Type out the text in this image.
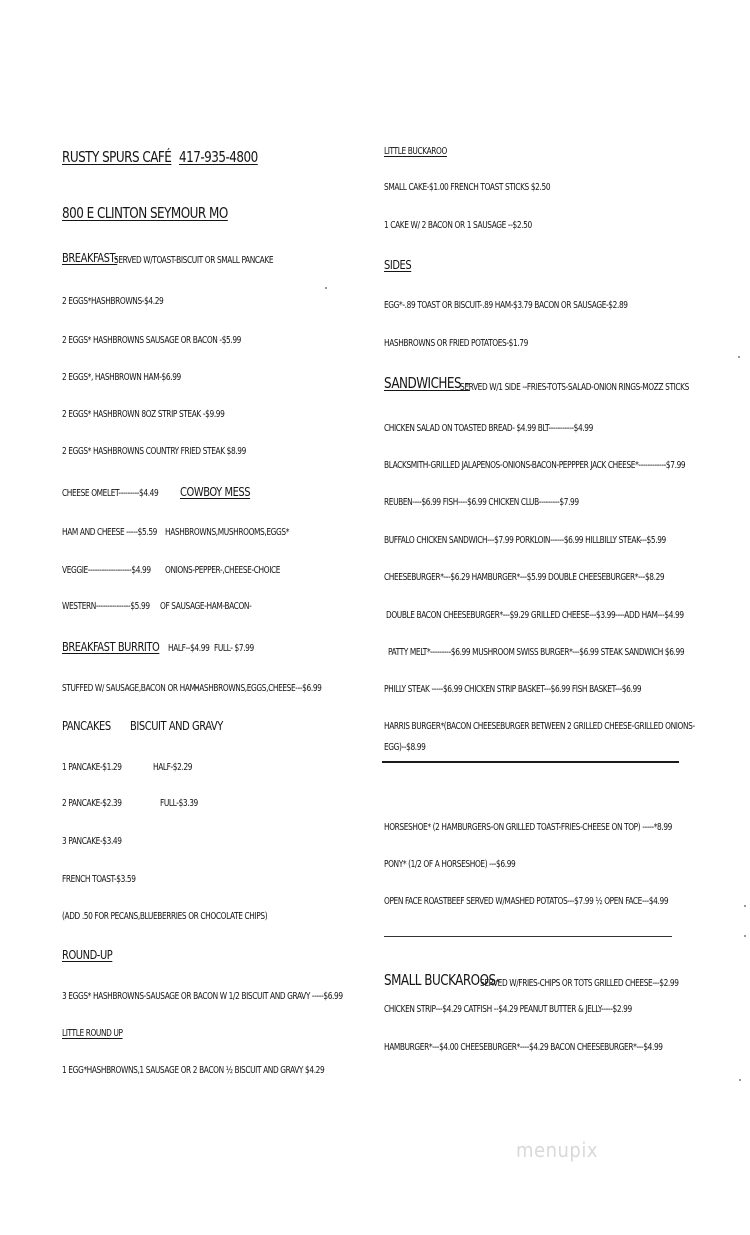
RUSTY SPURS CAFÉ 417-935-4800
800 E CLINTON SEYMOUR MO
BREAKFAST-
SERVED W/TOAST-BISCUIT OR SMALL PANCAKE
2 EGGS*HASHBROWNS-$4.29
2 EGGS* HASHBROWNS SAUSAGE OR BACON -$5.99
2 EGGS*, HASHBROWN HAM-$6.99
2 EGGS* HASHBROWN 8OZ STRIP STEAK -$9.99
2 EGGS* HASHBROWNS COUNTRY FRIED STEAK $8.99
CHEESE OMELET---------$4.49 COWBOY MESS
HAM AND CHEESE -----$5.59 HASHBROWNS,MUSHROOMS,EGGS*
VEGGIE-------------------$4.99 ONIONS-PEPPER-,CHEESE-CHOICE
WESTERN---------------$5.99 OF SAUSAGE-HAM-BACON-
BREAKFAST BURRITO HALF--$4.99 FULL- $7.99
STUFFED W/ SAUSAGE,BACON OR HAM-
HASHBROWNS,EGGS,CHEESE---$6.99
PANCAKES BISCUIT AND GRAVY
1 PANCAKE-$1.29	HALF-$2.29
2 PANCAKE-$2.39	FULL-$3.39
3 PANCAKE-$3.49
FRENCH TOAST-$3.59
(ADD .50 FOR PECANS,BLUEBERRIES OR CHOCOLATE CHIPS)
ROUND-UP
3 EGGS* HASHBROWNS-SAUSAGE OR BACON W 1/2 BISCUIT AND GRAVY -----$6.99
LITTLE ROUND UP
1 EGG*HASHBROWNS,1 SAUSAGE OR 2 BACON ½ BISCUIT AND GRAVY $4.29
LITTLE BUCKAROO
SMALL CAKE-$1.00 FRENCH TOAST STICKS $2.50
1 CAKE W/ 2 BACON OR 1 SAUSAGE --$2.50
SIDES
EGG*-.89 TOAST OR BISCUIT-.89 HAM-$3.79 BACON OR SAUSAGE-$2.89
HASHBROWNS OR FRIED POTATOES-$1.79
SANDWICHES –
SERVED W/1 SIDE --FRIES-TOTS-SALAD-ONION RINGS-MOZZ STICKS
CHICKEN SALAD ON TOASTED BREAD- $4.99 BLT-----------$4.99
BLACKSMITH-GRILLED JALAPENOS-ONIONS-BACON-PEPPPER JACK CHEESE*------------$7.99
REUBEN----$6.99 FISH----$6.99 CHICKEN CLUB---------$7.99
BUFFALO CHICKEN SANDWICH---$7.99 PORKLOIN------$6.99 HILLBILLY STEAK---$5.99
CHEESEBURGER*---$6.29 HAMBURGER*---$5.99 DOUBLE CHEESEBURGER*---$8.29
DOUBLE BACON CHEESEBURGER*---$9.29 GRILLED CHEESE---$3.99----ADD HAM---$4.99
PATTY MELT*---------$6.99 MUSHROOM SWISS BURGER*---$6.99 STEAK SANDWICH $6.99
PHILLY STEAK -----$6.99 CHICKEN STRIP BASKET---$6.99 FISH BASKET---$6.99
HARRIS BURGER*(BACON CHEESEBURGER BETWEEN 2 GRILLED CHEESE-GRILLED ONIONS-
EGG)--$8.99
HORSESHOE* (2 HAMBURGERS-ON GRILLED TOAST-FRIES-CHEESE ON TOP) -----*8.99
PONY* (1/2 OF A HORSESHOE) ---$6.99
OPEN FACE ROASTBEEF SERVED W/MASHED POTATOS---$7.99 ½ OPEN FACE---$4.99
SMALL BUCKAROOS-
SERVED W/FRIES-CHIPS OR TOTS GRILLED CHEESE---$2.99
CHICKEN STRIP---$4.29 CATFISH --$4.29 PEANUT BUTTER & JELLY-----$2.99
HAMBURGER*---$4.00 CHEESEBURGER*----$4.29 BACON CHEESEBURGER*---$4.99
menupix
